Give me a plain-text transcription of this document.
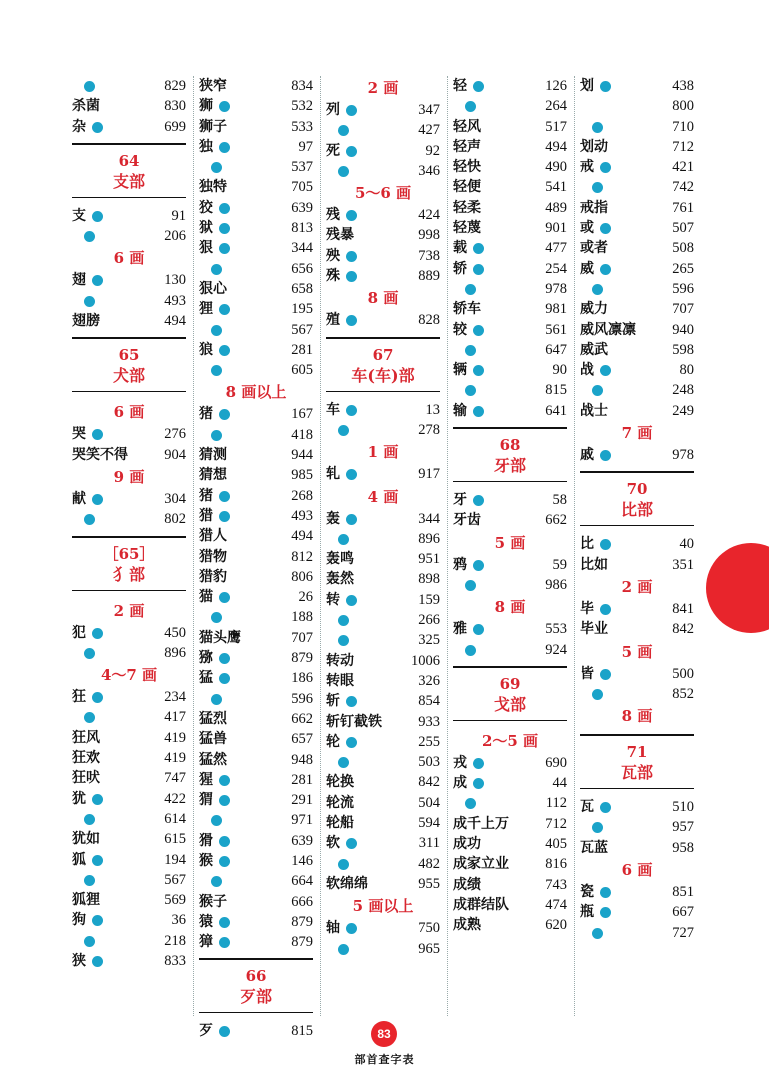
829
杀菌	830
杂	699
64
支部
支	91
206
6 画
翅	130
493
翅膀	494
65
犬部
6 画
哭	276
哭笑不得	904
9 画
献	304
802
［65］
犭部
2 画
犯	450
896
4～7 画
狂	234
417
狂风	419
狂欢	419
狂吠	747
犹	422
614
犹如	615
狐	194
567
狐狸	569
狗	36
218
狭	833
狭窄	834
狮	532
狮子	533
独	97
537
独特	705
狡	639
狱	813
狠	344
656
狠心	658
狸	195
567
狼	281
605
8 画以上
猪	167
418
猜测	944
猜想	985
猪	268
猎	493
猎人	494
猎物	812
猎豹	806
猫	26
188
猫头鹰	707
猕	879
猛	186
596
猛烈	662
猛兽	657
猛然	948
猩	281
猬	291
971
猾	639
猴	146
664
猴子	666
猿	879
獐	879
66
歹部
歹	815
2 画
列	347
427
死	92
346
5～6 画
残	424
残暴	998
殃	738
殊	889
8 画
殖	828
67
车(车)部
车	13
278
1 画
轧	917
4 画
轰	344
896
轰鸣	951
轰然	898
转	159
266
325
转动	1006
转眼	326
斩	854
斩钉截铁	933
轮	255
503
轮换	842
轮流	504
轮船	594
软	311
482
软绵绵	955
5 画以上
轴	750
965
轻	126
264
轻风	517
轻声	494
轻快	490
轻便	541
轻柔	489
轻蔑	901
载	477
轿	254
978
轿车	981
较	561
647
辆	90
815
输	641
68
牙部
牙	58
牙齿	662
5 画
鸦	59
986
8 画
雅	553
924
69
戈部
2～5 画
戎	690
成	44
112
成千上万	712
成功	405
成家立业	816
成绩	743
成群结队	474
成熟	620
划	438
800
710
划动	712
戒	421
742
戒指	761
或	507
或者	508
威	265
596
威力	707
威风凛凛	940
威武	598
战	80
248
战士	249
7 画
戚	978
70
比部
比	40
比如	351
2 画
毕	841
毕业	842
5 画
皆	500
852
8 画
71
瓦部
瓦	510
957
瓦蓝	958
6 画
瓷	851
瓶	667
727
83
部首查字表
